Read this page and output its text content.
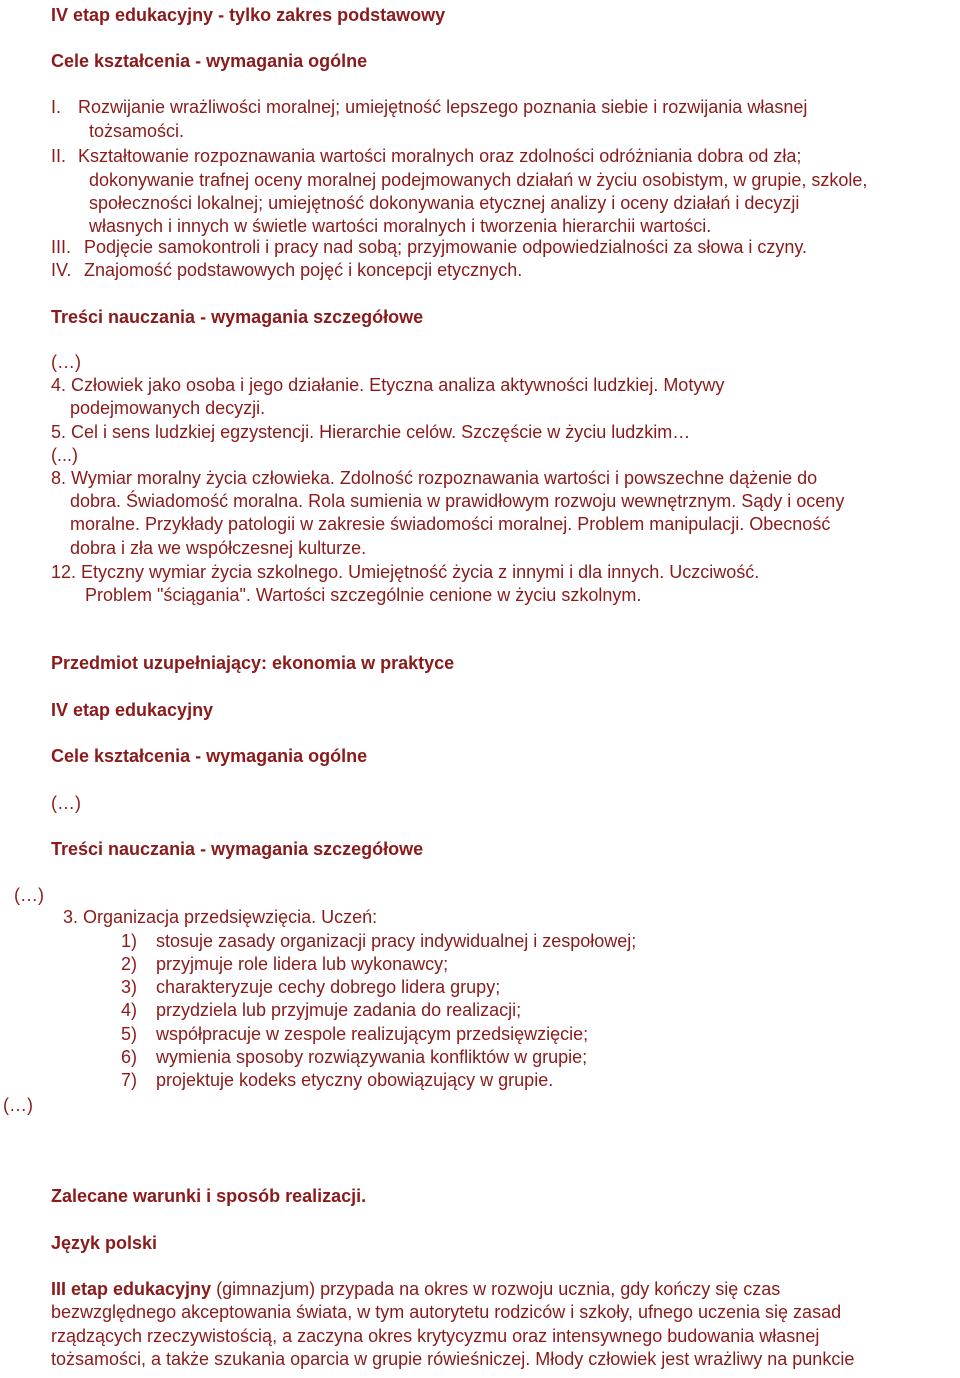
IV etap edukacyjny - tylko zakres podstawowy
Cele kształcenia - wymagania ogólne
I. Rozwijanie wrażliwości moralnej; umiejętność lepszego poznania siebie i rozwijania własnej
tożsamości.
II. Kształtowanie rozpoznawania wartości moralnych oraz zdolności odróżniania dobra od zła;
dokonywanie trafnej oceny moralnej podejmowanych działań w życiu osobistym, w grupie, szkole,
społeczności lokalnej; umiejętność dokonywania etycznej analizy i oceny działań i decyzji
własnych i innych w świetle wartości moralnych i tworzenia hierarchii wartości.
III. Podjęcie samokontroli i pracy nad sobą; przyjmowanie odpowiedzialności za słowa i czyny.
IV. Znajomość podstawowych pojęć i koncepcji etycznych.
Treści nauczania - wymagania szczegółowe
(…)
4. Człowiek jako osoba i jego działanie. Etyczna analiza aktywności ludzkiej. Motywy
podejmowanych decyzji.
5. Cel i sens ludzkiej egzystencji. Hierarchie celów. Szczęście w życiu ludzkim…
(...)
8. Wymiar moralny życia człowieka. Zdolność rozpoznawania wartości i powszechne dążenie do
dobra. Świadomość moralna. Rola sumienia w prawidłowym rozwoju wewnętrznym. Sądy i oceny
moralne. Przykłady patologii w zakresie świadomości moralnej. Problem manipulacji. Obecność
dobra i zła we współczesnej kulturze.
12. Etyczny wymiar życia szkolnego. Umiejętność życia z innymi i dla innych. Uczciwość.
Problem "ściągania". Wartości szczególnie cenione w życiu szkolnym.
Przedmiot uzupełniający: ekonomia w praktyce
IV etap edukacyjny
Cele kształcenia - wymagania ogólne
(…)
Treści nauczania - wymagania szczegółowe
(…)
3. Organizacja przedsięwzięcia. Uczeń:
1) stosuje zasady organizacji pracy indywidualnej i zespołowej;
2) przyjmuje role lidera lub wykonawcy;
3) charakteryzuje cechy dobrego lidera grupy;
4) przydziela lub przyjmuje zadania do realizacji;
5) współpracuje w zespole realizującym przedsięwzięcie;
6) wymienia sposoby rozwiązywania konfliktów w grupie;
7) projektuje kodeks etyczny obowiązujący w grupie.
(…)
Zalecane warunki i sposób realizacji.
Język polski
III etap edukacyjny (gimnazjum) przypada na okres w rozwoju ucznia, gdy kończy się czas
bezwzględnego akceptowania świata, w tym autorytetu rodziców i szkoły, ufnego uczenia się zasad
rządzących rzeczywistością, a zaczyna okres krytycyzmu oraz intensywnego budowania własnej
tożsamości, a także szukania oparcia w grupie rówieśniczej. Młody człowiek jest wrażliwy na punkcie
